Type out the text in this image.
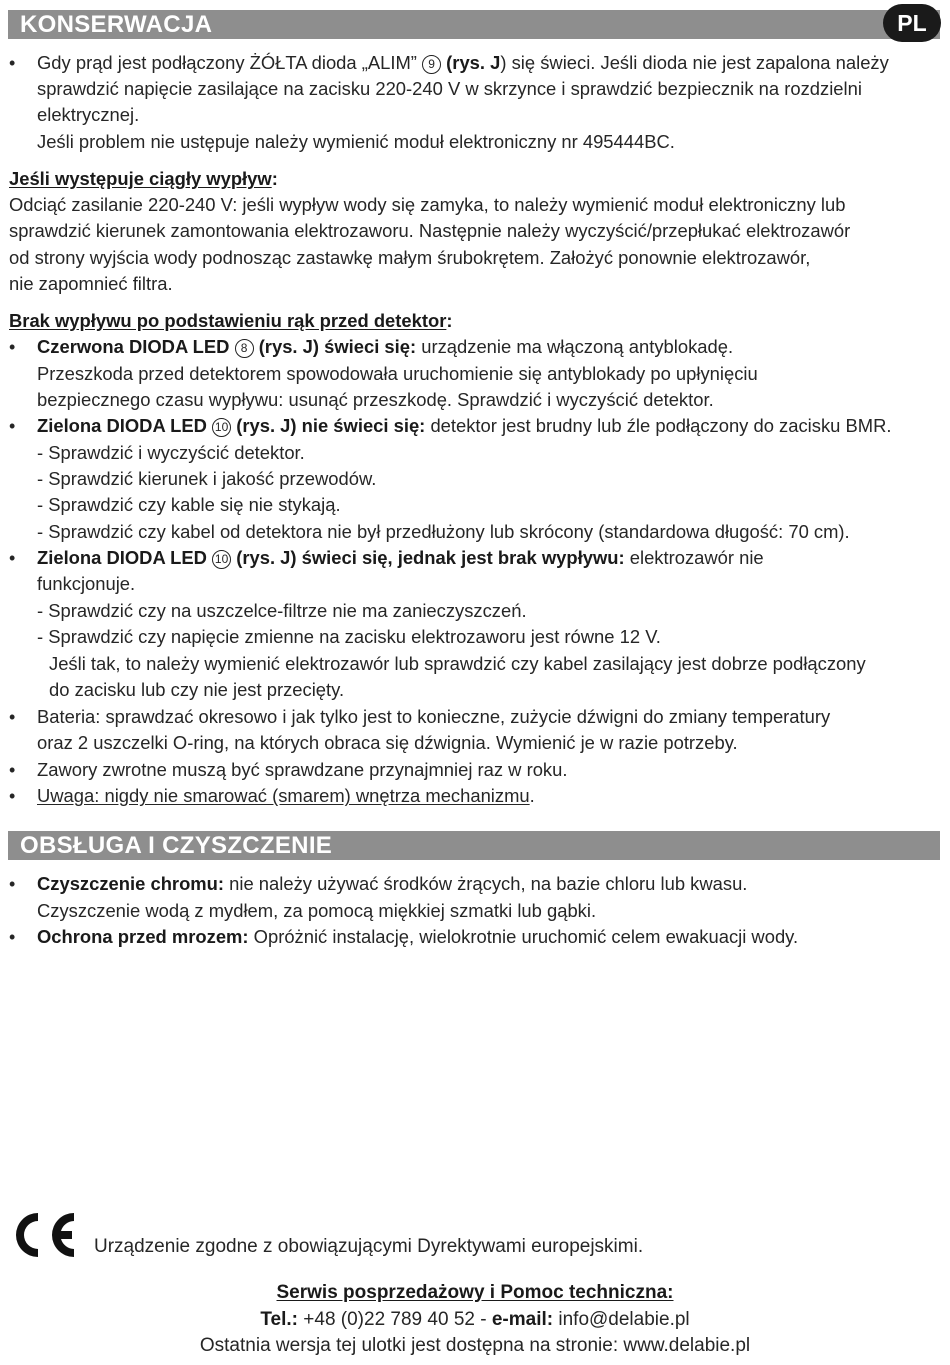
KONSERWACJA	PL
• Gdy prąd jest podłączony ŻÓŁTA dioda „ALIM” 9 (rys. J) się świeci. Jeśli dioda nie jest zapalona należy
sprawdzić napięcie zasilające na zacisku 220-240 V w skrzynce i sprawdzić bezpiecznik na rozdzielni
elektrycznej.
Jeśli problem nie ustępuje należy wymienić moduł elektroniczny nr 495444BC.
Jeśli występuje ciągły wypływ:
Odciąć zasilanie 220-240 V: jeśli wypływ wody się zamyka, to należy wymienić moduł elektroniczny lub
sprawdzić kierunek zamontowania elektrozaworu. Następnie należy wyczyścić/przepłukać elektrozawór
od strony wyjścia wody podnosząc zastawkę małym śrubokrętem. Założyć ponownie elektrozawór,
nie zapomnieć filtra.
Brak wypływu po podstawieniu rąk przed detektor:
• Czerwona DIODA LED 8 (rys. J) świeci się: urządzenie ma włączoną antyblokadę.
Przeszkoda przed detektorem spowodowała uruchomienie się antyblokady po upłynięciu
bezpiecznego czasu wypływu: usunąć przeszkodę. Sprawdzić i wyczyścić detektor.
• Zielona DIODA LED 10 (rys. J) nie świeci się: detektor jest brudny lub źle podłączony do zacisku BMR.
- Sprawdzić i wyczyścić detektor.
- Sprawdzić kierunek i jakość przewodów.
- Sprawdzić czy kable się nie stykają.
- Sprawdzić czy kabel od detektora nie był przedłużony lub skrócony (standardowa długość: 70 cm).
• Zielona DIODA LED 10 (rys. J) świeci się, jednak jest brak wypływu: elektrozawór nie
funkcjonuje.
- Sprawdzić czy na uszczelce-filtrze nie ma zanieczyszczeń.
- Sprawdzić czy napięcie zmienne na zacisku elektrozaworu jest równe 12 V.
Jeśli tak, to należy wymienić elektrozawór lub sprawdzić czy kabel zasilający jest dobrze podłączony
do zacisku lub czy nie jest przecięty.
• Bateria: sprawdzać okresowo i jak tylko jest to konieczne, zużycie dźwigni do zmiany temperatury
oraz 2 uszczelki O-ring, na których obraca się dźwignia. Wymienić je w razie potrzeby.
• Zawory zwrotne muszą być sprawdzane przynajmniej raz w roku.
• Uwaga: nigdy nie smarować (smarem) wnętrza mechanizmu.
OBSŁUGA I CZYSZCZENIE
• Czyszczenie chromu: nie należy używać środków żrących, na bazie chloru lub kwasu.
Czyszczenie wodą z mydłem, za pomocą miękkiej szmatki lub gąbki.
• Ochrona przed mrozem: Opróżnić instalację, wielokrotnie uruchomić celem ewakuacji wody.
Urządzenie zgodne z obowiązującymi Dyrektywami europejskimi.
Serwis posprzedażowy i Pomoc techniczna:
Tel.: +48 (0)22 789 40 52 - e-mail: info@delabie.pl
Ostatnia wersja tej ulotki jest dostępna na stronie: www.delabie.pl
